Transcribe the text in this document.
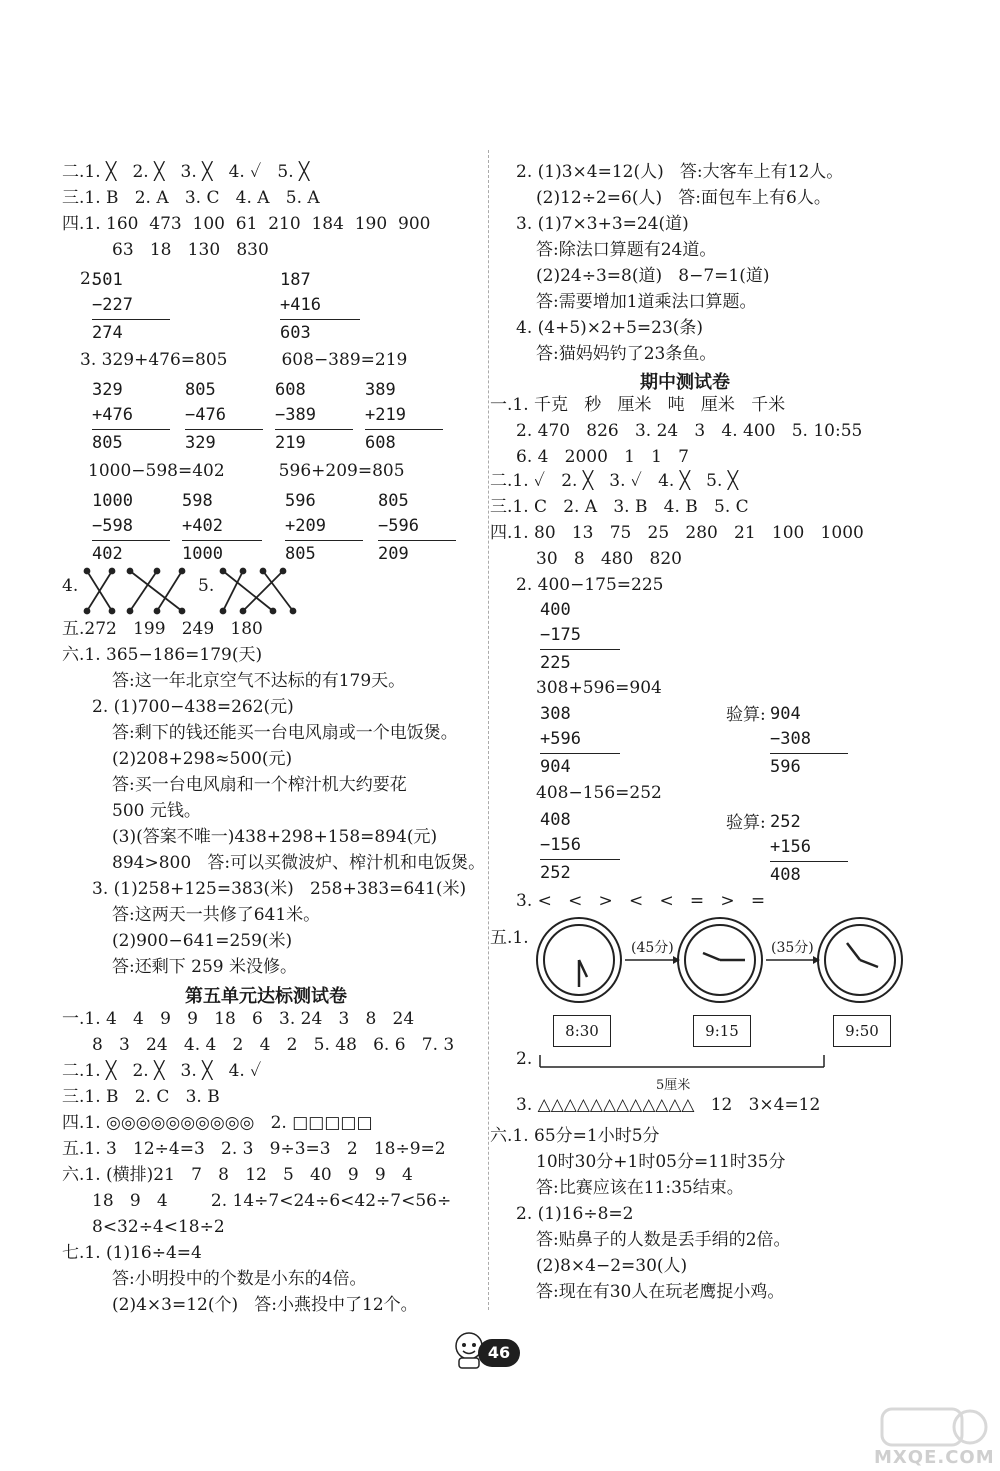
二.1. ╳   2. ╳   3. ╳   4. ✓   5. ╳
三.1. B   2. A   3. C   4. A   5. A
四.1. 160  473  100  61  210  184  190  900
63   18   130   830
2.
501
−227
274
187
+416
603
3. 329+476=805          608−389=219
329
+476
805
805
−476
329
608
−389
219
389
+219
608
1000−598=402          596+209=805
1000
−598
402
598
+402
1000
596
+209
805
805
−596
209
4.	5.
五.272   199   249   180
六.1. 365−186=179(天)
答:这一年北京空气不达标的有179天。
2. (1)700−438=262(元)
答:剩下的钱还能买一台电风扇或一个电饭煲。
(2)208+298≈500(元)
答:买一台电风扇和一个榨汁机大约要花
500 元钱。
(3)(答案不唯一)438+298+158=894(元)
894>800   答:可以买微波炉、榨汁机和电饭煲。
3. (1)258+125=383(米)   258+383=641(米)
答:这两天一共修了641米。
(2)900−641=259(米)
答:还剩下 259 米没修。
第五单元达标测试卷
一.1. 4   4   9   9   18   6   3. 24   3   8   24
8   3   24   4. 4   2   4   2   5. 48   6. 6   7. 3
二.1. ╳   2. ╳   3. ╳   4. ✓
三.1. B   2. C   3. B
四.1. ◎◎◎◎◎◎◎◎◎◎   2. □□□□□
五.1. 3   12÷4=3   2. 3   9÷3=3   2   18÷9=2
六.1. (横排)21   7   8   12   5   40   9   9   4
18   9   4        2. 14÷7<24÷6<42÷7<56÷
8<32÷4<18÷2
七.1. (1)16÷4=4
答:小明投中的个数是小东的4倍。
(2)4×3=12(个)   答:小燕投中了12个。
2. (1)3×4=12(人)   答:大客车上有12人。
(2)12÷2=6(人)   答:面包车上有6人。
3. (1)7×3+3=24(道)
答:除法口算题有24道。
(2)24÷3=8(道)   8−7=1(道)
答:需要增加1道乘法口算题。
4. (4+5)×2+5=23(条)
答:猫妈妈钓了23条鱼。
期中测试卷
一.1. 千克   秒   厘米   吨   厘米   千米
2. 470   826   3. 24   3   4. 400   5. 10:55
6. 4   2000   1   1   7
二.1. ✓   2. ╳   3. ✓   4. ╳   5. ╳
三.1. C   2. A   3. B   4. B   5. C
四.1. 80   13   75   25   280   21   100   1000
30   8   480   820
2. 400−175=225
400
−175
225
308+596=904
308
+596
904
验算: 904
−308
596
408−156=252
408
−156
252
验算: 252
+156
408
3. <   <   >   <   <   =   >   =
五.1.	(45分)	(35分)
8:30	9:15	9:50
2.
5厘米
3. △△△△△△△△△△△△   12   3×4=12
六.1. 65分=1小时5分
10时30分+1时05分=11时35分
答:比赛应该在11:35结束。
2. (1)16÷8=2
答:贴鼻子的人数是丢手绢的2倍。
(2)8×4−2=30(人)
答:现在有30人在玩老鹰捉小鸡。
46
MXQE.COM
